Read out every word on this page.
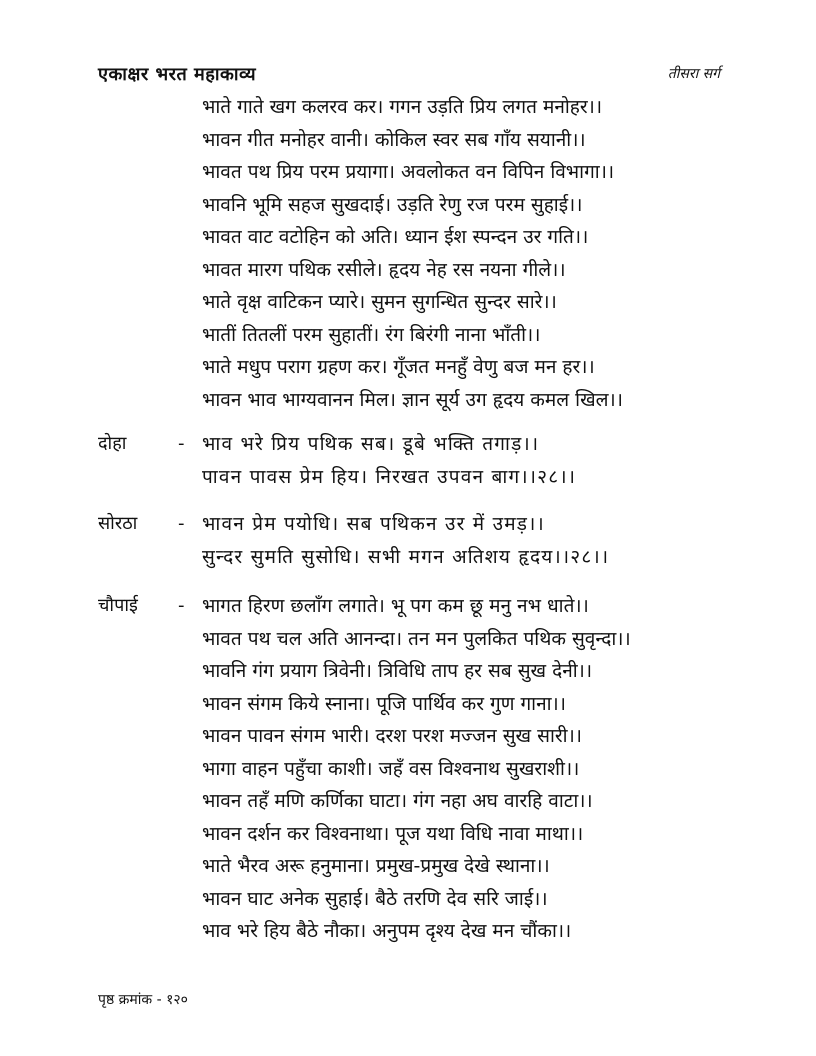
एकाक्षर भरत महाकाव्य	तीसरा सर्ग
भाते गाते खग कलरव कर। गगन उड़ति प्रिय लगत मनोहर।।
भावन गीत मनोहर वानी। कोकिल स्वर सब गाँय सयानी।।
भावत पथ प्रिय परम प्रयागा। अवलोकत वन विपिन विभागा।।
भावनि भूमि सहज सुखदाई। उड़ति रेणु रज परम सुहाई।।
भावत वाट वटोहिन को अति। ध्यान ईश स्पन्दन उर गति।।
भावत मारग पथिक रसीले। हृदय नेह रस नयना गीले।।
भाते वृक्ष वाटिकन प्यारे। सुमन सुगन्धित सुन्दर सारे।।
भातीं तितलीं परम सुहातीं। रंग बिरंगी नाना भाँती।।
भाते मधुप पराग ग्रहण कर। गूँजत मनहुँ वेणु बज मन हर।।
भावन भाव भाग्यवानन मिल। ज्ञान सूर्य उग हृदय कमल खिल।।
दोहा	- भाव भरे प्रिय पथिक सब। डूबे भक्ति तगाड़।।
पावन पावस प्रेम हिय। निरखत उपवन बाग।।२८।।
सोरठा - भावन प्रेम पयोधि। सब पथिकन उर में उमड़।।
सुन्दर सुमति सुसोधि। सभी मगन अतिशय हृदय।।२८।।
चौपाई - भागत हिरण छलाँग लगाते। भू पग कम छू मनु नभ धाते।।
भावत पथ चल अति आनन्दा। तन मन पुलकित पथिक सुवृन्दा।।
भावनि गंग प्रयाग त्रिवेनी। त्रिविधि ताप हर सब सुख देनी।।
भावन संगम किये स्नाना। पूजि पार्थिव कर गुण गाना।।
भावन पावन संगम भारी। दरश परश मज्जन सुख सारी।।
भागा वाहन पहुँचा काशी। जहँ वस विश्वनाथ सुखराशी।।
भावन तहँ मणि कर्णिका घाटा। गंग नहा अघ वारहि वाटा।।
भावन दर्शन कर विश्वनाथा। पूज यथा विधि नावा माथा।।
भाते भैरव अरू हनुमाना। प्रमुख-प्रमुख देखे स्थाना।।
भावन घाट अनेक सुहाई। बैठे तरणि देव सरि जाई।।
भाव भरे हिय बैठे नौका। अनुपम दृश्य देख मन चौंका।।
पृष्ठ क्रमांक - १२०
